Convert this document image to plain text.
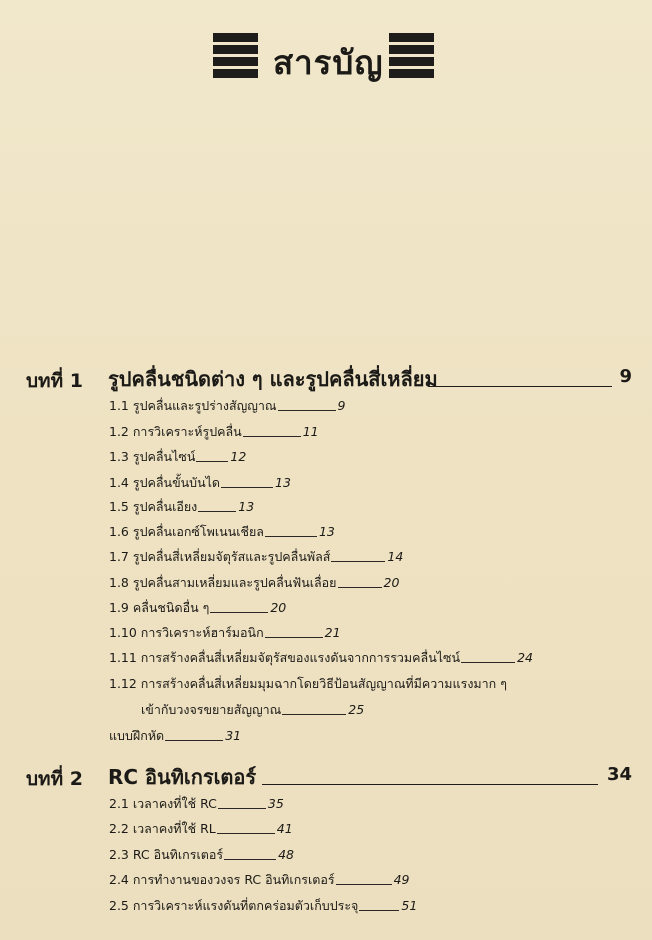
สารบัญ
บทที่ 1 รูปคลื่นชนิดต่าง ๆ และรูปคลื่นสี่เหลี่ยม	9
1.1 รูปคลื่นและรูปร่างสัญญาณ	9
1.2 การวิเคราะห์รูปคลื่น	11
1.3 รูปคลื่นไซน์	12
1.4 รูปคลื่นขั้นบันได	13
1.5 รูปคลื่นเอียง	13
1.6 รูปคลื่นเอกซ์โพเนนเชียล	13
1.7 รูปคลื่นสี่เหลี่ยมจัตุรัสและรูปคลื่นพัลส์	14
1.8 รูปคลื่นสามเหลี่ยมและรูปคลื่นฟันเลื่อย	20
1.9 คลื่นชนิดอื่น ๆ	20
1.10 การวิเคราะห์ฮาร์มอนิก	21
1.11 การสร้างคลื่นสี่เหลี่ยมจัตุรัสของแรงดันจากการรวมคลื่นไซน์	24
1.12 การสร้างคลื่นสี่เหลี่ยมมุมฉากโดยวิธีป้อนสัญญาณที่มีความแรงมาก ๆ
เข้ากับวงจรขยายสัญญาณ	25
แบบฝึกหัด	31
บทที่ 2 RC อินทิเกรเตอร์	34
2.1 เวลาคงที่ใช้ RC	35
2.2 เวลาคงที่ใช้ RL	41
2.3 RC อินทิเกรเตอร์	48
2.4 การทำงานของวงจร RC อินทิเกรเตอร์	49
2.5 การวิเคราะห์แรงดันที่ตกคร่อมตัวเก็บประจุ	51
